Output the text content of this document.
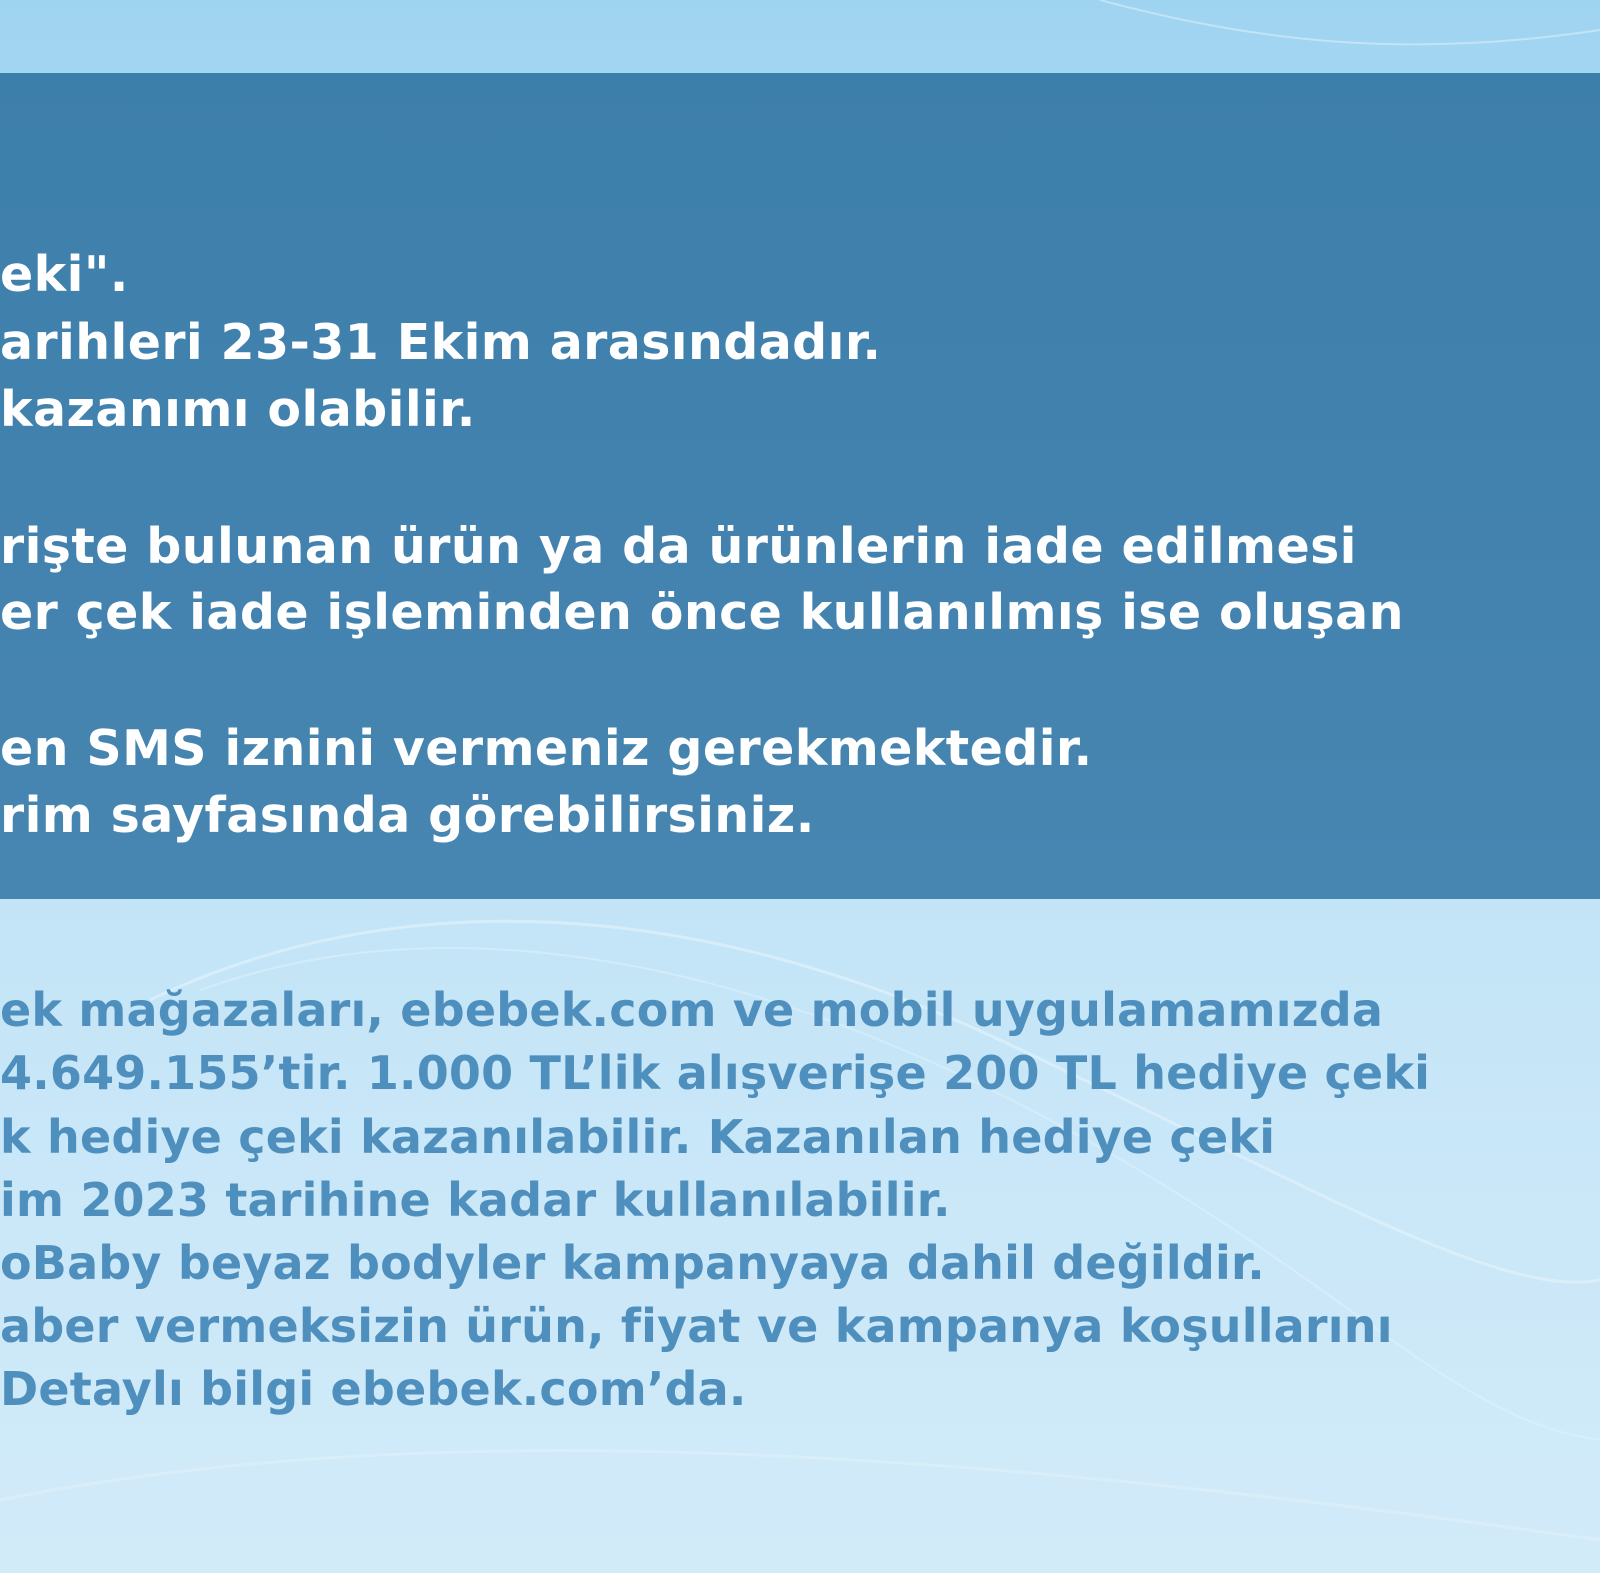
eki".

arihleri 23-31 Ekim arasındadır.

kazanımı olabilir.

rişte bulunan ürün ya da ürünlerin iade edilmesi

er çek iade işleminden önce kullanılmış ise oluşan

en SMS iznini vermeniz gerekmektedir.

rim sayfasında görebilirsiniz.

ek mağazaları, ebebek.com ve mobil uygulamamızda

4.649.155’tir. 1.000 TL’lik alışverişe 200 TL hediye çeki

k hediye çeki kazanılabilir. Kazanılan hediye çeki

im 2023 tarihine kadar kullanılabilir.

oBaby beyaz bodyler kampanyaya dahil değildir.

aber vermeksizin ürün, fiyat ve kampanya koşullarını

Detaylı bilgi ebebek.com’da.
